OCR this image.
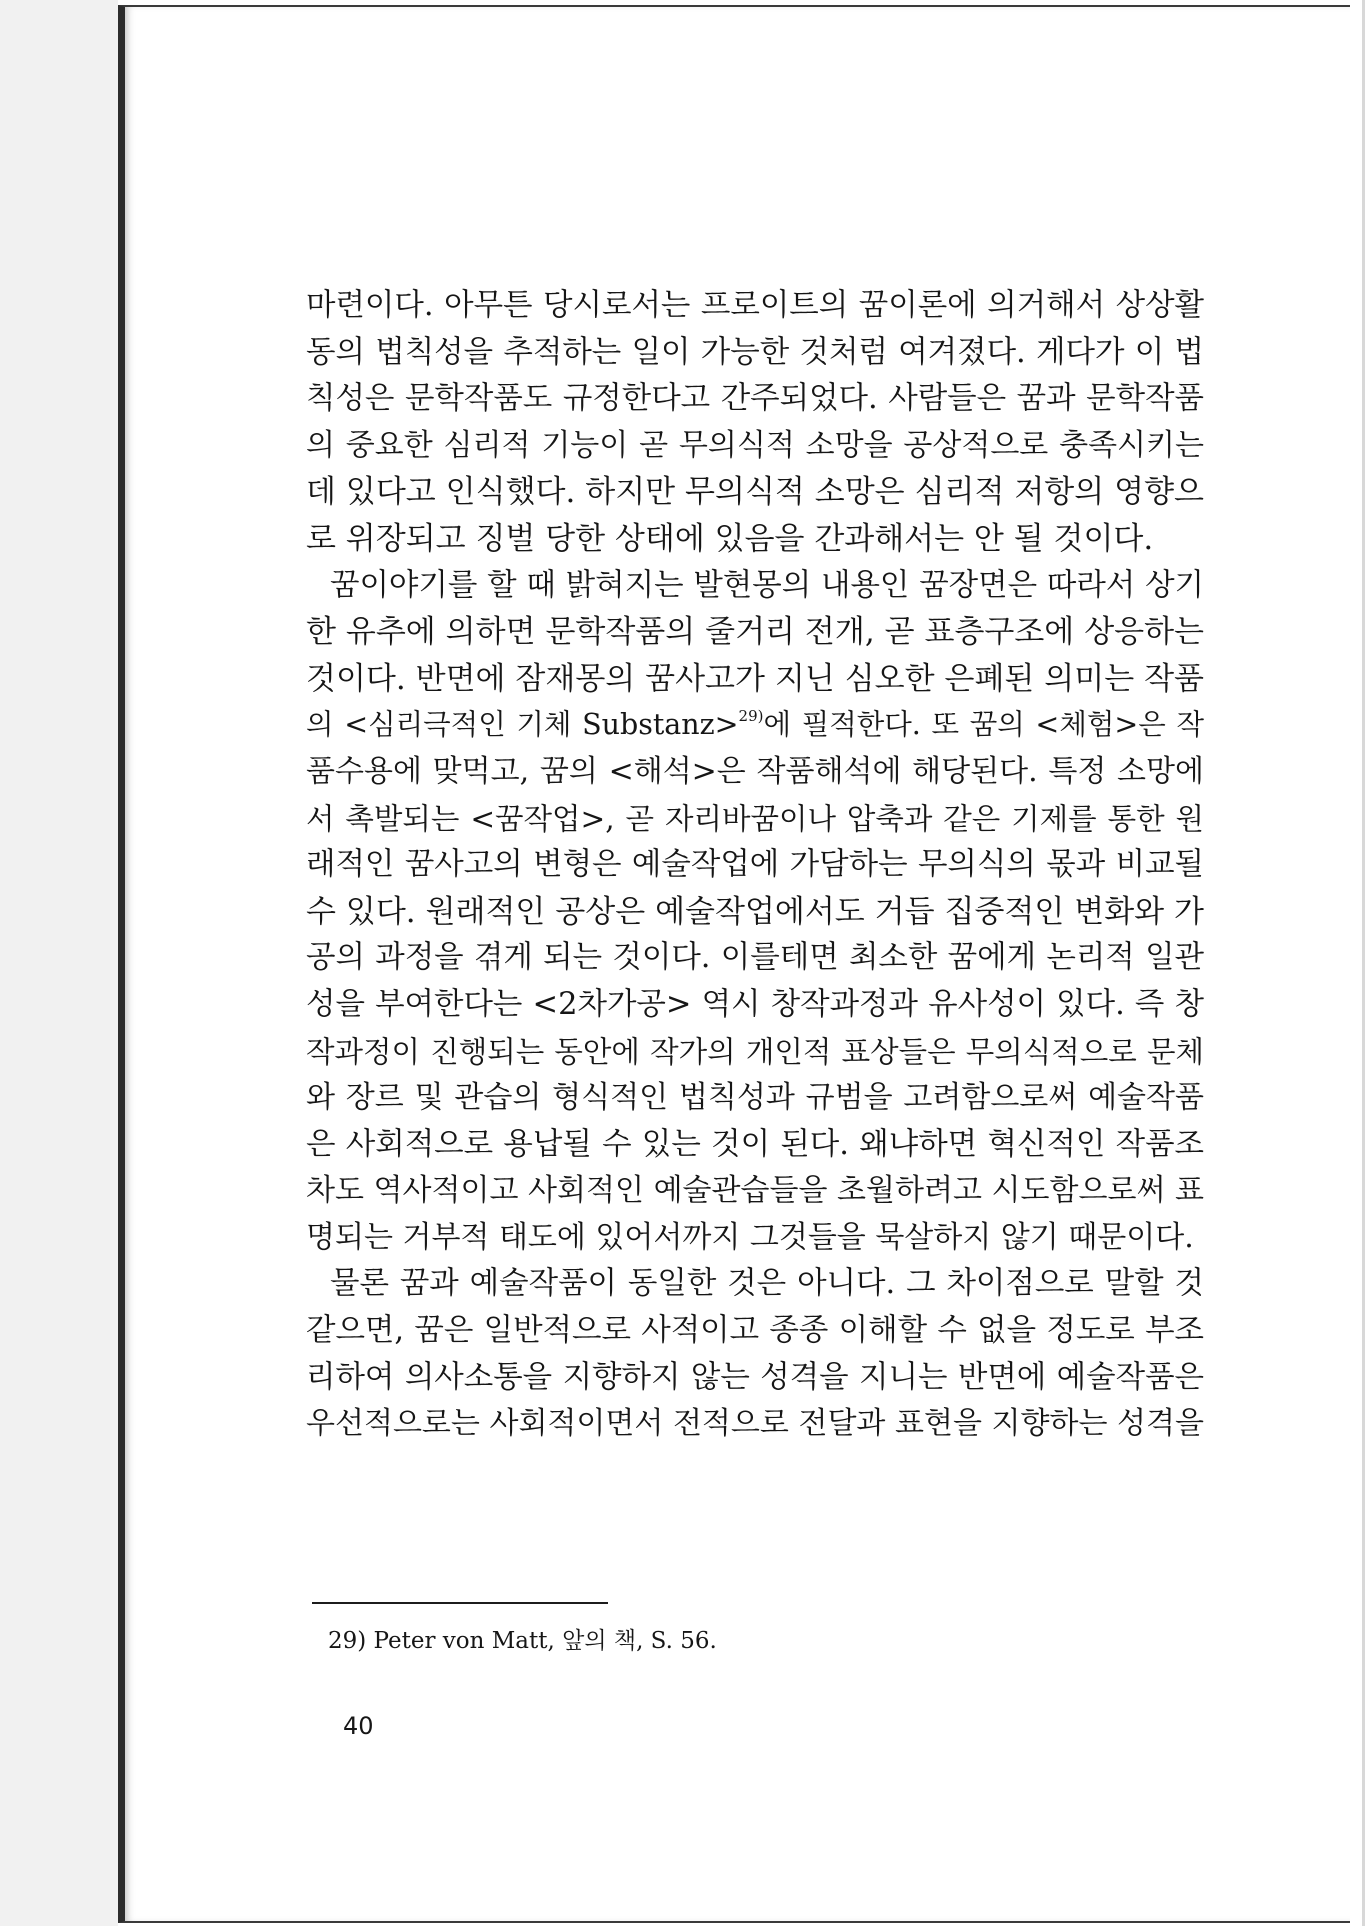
마련이다. 아무튼 당시로서는 프로이트의 꿈이론에 의거해서 상상활
동의 법칙성을 추적하는 일이 가능한 것처럼 여겨졌다. 게다가 이 법
칙성은 문학작품도 규정한다고 간주되었다. 사람들은 꿈과 문학작품
의 중요한 심리적 기능이 곧 무의식적 소망을 공상적으로 충족시키는
데 있다고 인식했다. 하지만 무의식적 소망은 심리적 저항의 영향으
로 위장되고 징벌 당한 상태에 있음을 간과해서는 안 될 것이다.
꿈이야기를 할 때 밝혀지는 발현몽의 내용인 꿈장면은 따라서 상기
한 유추에 의하면 문학작품의 줄거리 전개, 곧 표층구조에 상응하는
것이다. 반면에 잠재몽의 꿈사고가 지닌 심오한 은폐된 의미는 작품
의 <심리극적인 기체 Substanz>$^{29)}$에 필적한다. 또 꿈의 <체험>은 작
품수용에 맞먹고, 꿈의 <해석>은 작품해석에 해당된다. 특정 소망에
서 촉발되는 <꿈작업>, 곧 자리바꿈이나 압축과 같은 기제를 통한 원
래적인 꿈사고의 변형은 예술작업에 가담하는 무의식의 몫과 비교될
수 있다. 원래적인 공상은 예술작업에서도 거듭 집중적인 변화와 가
공의 과정을 겪게 되는 것이다. 이를테면 최소한 꿈에게 논리적 일관
성을 부여한다는 <2차가공> 역시 창작과정과 유사성이 있다. 즉 창
작과정이 진행되는 동안에 작가의 개인적 표상들은 무의식적으로 문체
와 장르 및 관습의 형식적인 법칙성과 규범을 고려함으로써 예술작품
은 사회적으로 용납될 수 있는 것이 된다. 왜냐하면 혁신적인 작품조
차도 역사적이고 사회적인 예술관습들을 초월하려고 시도함으로써 표
명되는 거부적 태도에 있어서까지 그것들을 묵살하지 않기 때문이다.
물론 꿈과 예술작품이 동일한 것은 아니다. 그 차이점으로 말할 것
같으면, 꿈은 일반적으로 사적이고 종종 이해할 수 없을 정도로 부조
리하여 의사소통을 지향하지 않는 성격을 지니는 반면에 예술작품은
우선적으로는 사회적이면서 전적으로 전달과 표현을 지향하는 성격을
29) Peter von Matt, 앞의 책, S. 56.
40
